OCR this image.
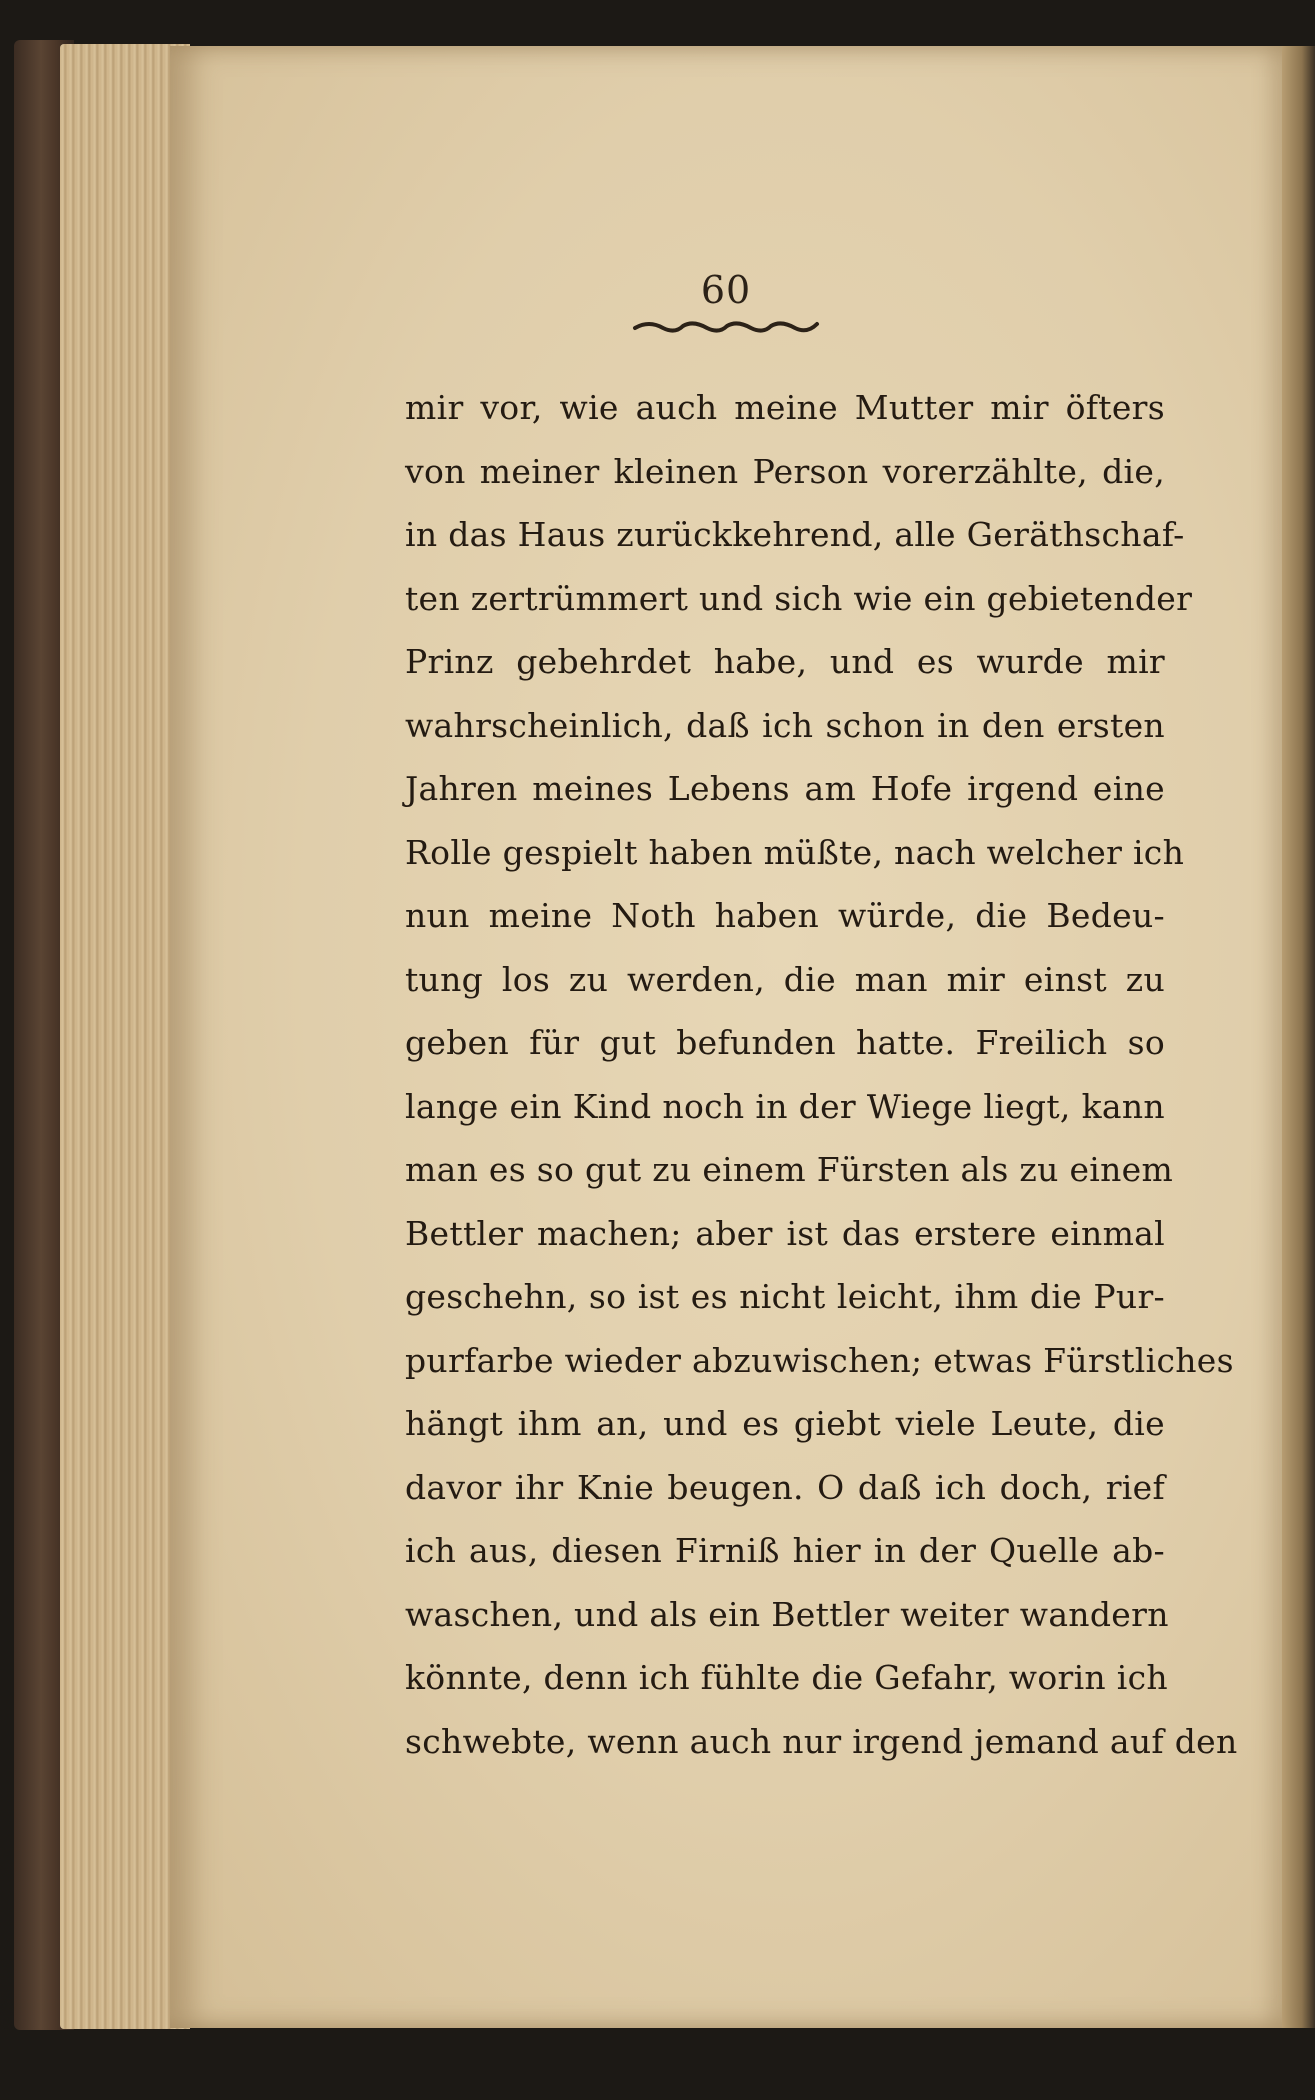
60
mir vor, wie auch meine Mutter mir öfters
von meiner kleinen Person vorerzählte, die,
in das Haus zurückkehrend, alle Geräthschaf-
ten zertrümmert und sich wie ein gebietender
Prinz gebehrdet habe, und es wurde mir
wahrscheinlich, daß ich schon in den ersten
Jahren meines Lebens am Hofe irgend eine
Rolle gespielt haben müßte, nach welcher ich
nun meine Noth haben würde, die Bedeu-
tung los zu werden, die man mir einst zu
geben für gut befunden hatte. Freilich so
lange ein Kind noch in der Wiege liegt, kann
man es so gut zu einem Fürsten als zu einem
Bettler machen; aber ist das erstere einmal
geschehn, so ist es nicht leicht, ihm die Pur-
purfarbe wieder abzuwischen; etwas Fürstliches
hängt ihm an, und es giebt viele Leute, die
davor ihr Knie beugen. O daß ich doch, rief
ich aus, diesen Firniß hier in der Quelle ab-
waschen, und als ein Bettler weiter wandern
könnte, denn ich fühlte die Gefahr, worin ich
schwebte, wenn auch nur irgend jemand auf den
